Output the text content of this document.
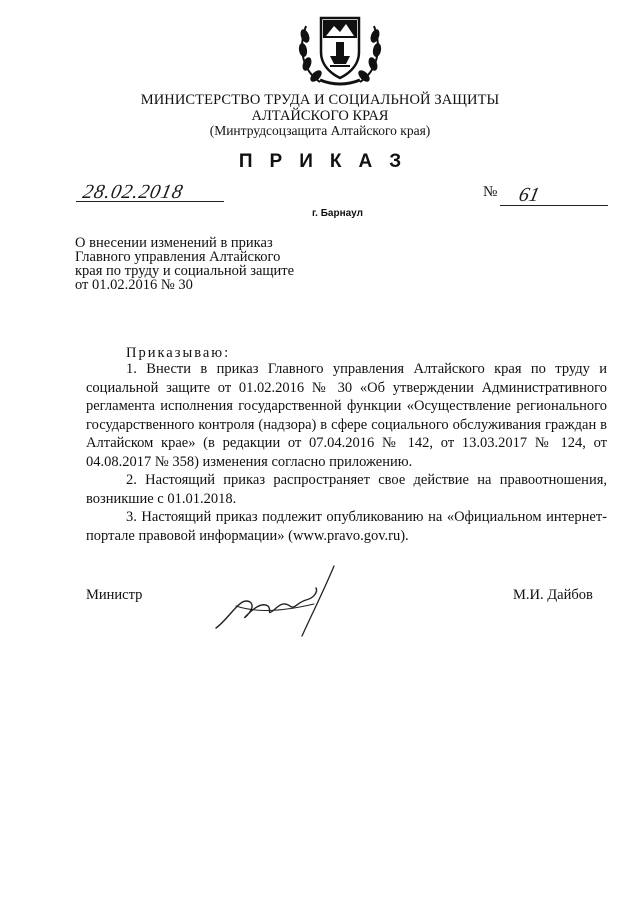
МИНИСТЕРСТВО ТРУДА И СОЦИАЛЬНОЙ ЗАЩИТЫ
АЛТАЙСКОГО КРАЯ
(Минтрудсоцзащита Алтайского края)
ПРИКАЗ
28.02.2018	№ 61
г. Барнаул

О внесении изменений в приказ

Главного управления Алтайского

края по труду и социальной защите

от 01.02.2016 № 30

Приказываю:

1. Внести в приказ Главного управления Алтайского края по труду и социальной защите от 01.02.2016 № 30 «Об утверждении Административного регламента исполнения государственной функции «Осуществление регионального государственного контроля (надзора) в сфере социального обслуживания граждан в Алтайском крае» (в редакции от 07.04.2016 № 142, от 13.03.2017 № 124, от 04.08.2017 № 358) изменения согласно приложению.

2. Настоящий приказ распространяет свое действие на правоотношения, возникшие с 01.01.2018.

3. Настоящий приказ подлежит опубликованию на «Официальном интернет-портале правовой информации» (www.pravo.gov.ru).

Министр	М.И. Дайбов
